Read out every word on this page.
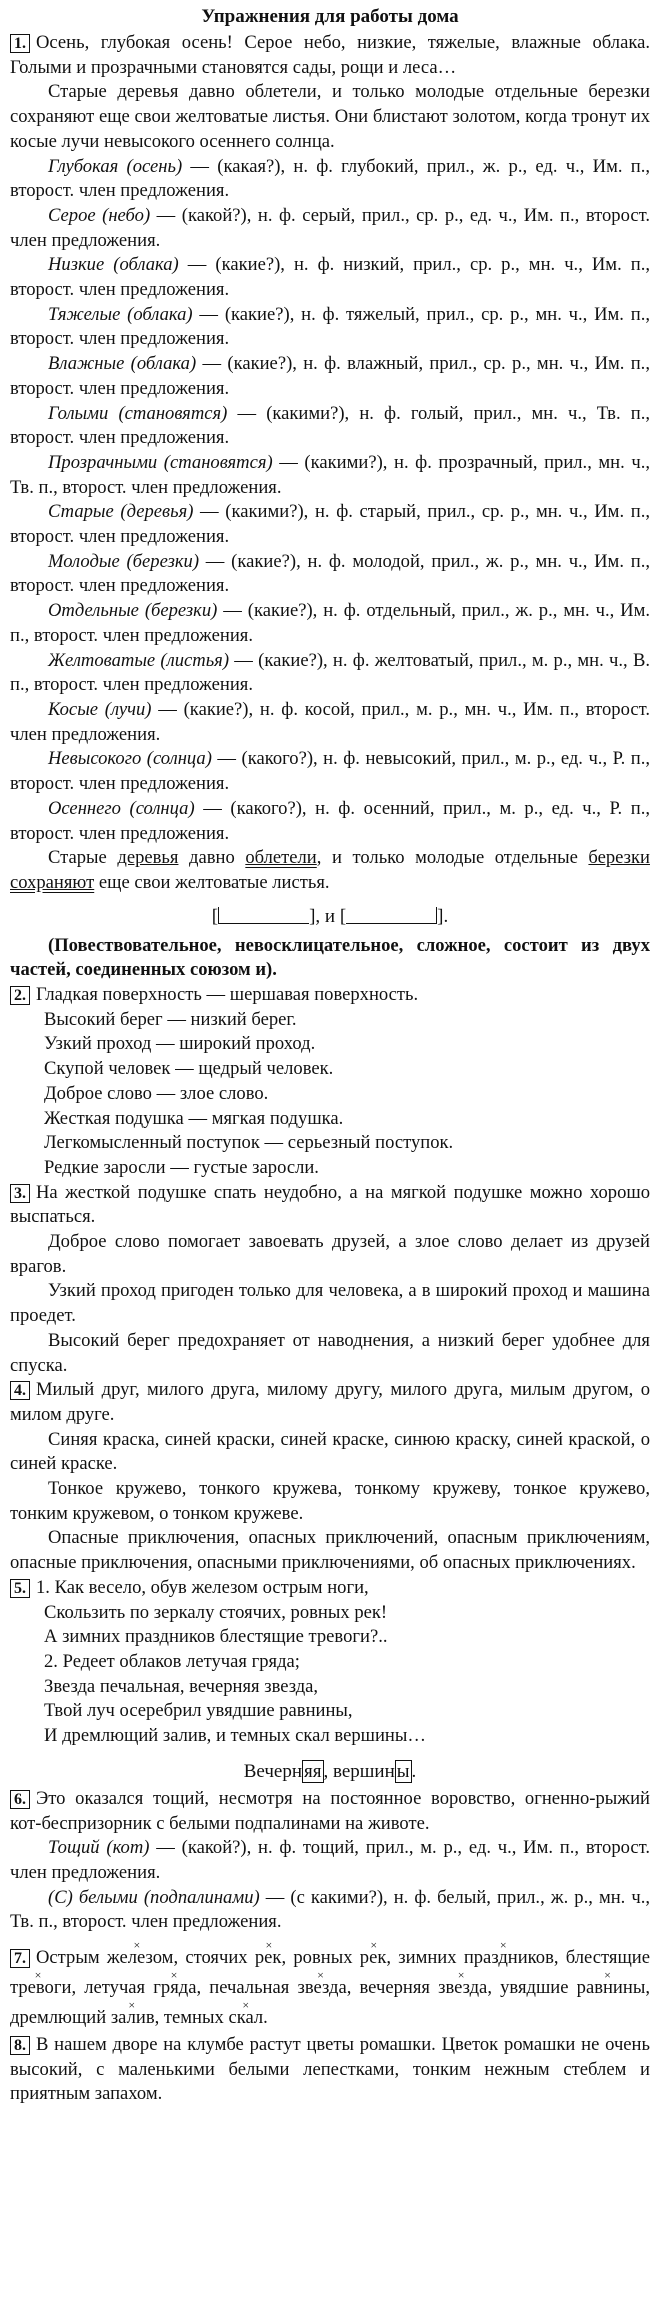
Упражнения для работы дома

1. Осень, глубокая осень! Серое небо, низкие, тяжелые, влажные облака. Голыми и прозрачными становятся сады, рощи и леса…

Старые деревья давно облетели, и только молодые отдельные березки сохраняют еще свои желтоватые листья. Они блистают золотом, когда тронут их косые лучи невысокого осеннего солнца.

Глубокая (осень) — (какая?), н. ф. глубокий, прил., ж. р., ед. ч., Им. п., второст. член предложения.

Серое (небо) — (какой?), н. ф. серый, прил., ср. р., ед. ч., Им. п., второст. член предложения.

Низкие (облака) — (какие?), н. ф. низкий, прил., ср. р., мн. ч., Им. п., второст. член предложения.

Тяжелые (облака) — (какие?), н. ф. тяжелый, прил., ср. р., мн. ч., Им. п., второст. член предложения.

Влажные (облака) — (какие?), н. ф. влажный, прил., ср. р., мн. ч., Им. п., второст. член предложения.

Голыми (становятся) — (какими?), н. ф. голый, прил., мн. ч., Тв. п., второст. член предложения.

Прозрачными (становятся) — (какими?), н. ф. прозрачный, прил., мн. ч., Тв. п., второст. член предложения.

Старые (деревья) — (какими?), н. ф. старый, прил., ср. р., мн. ч., Им. п., второст. член предложения.

Молодые (березки) — (какие?), н. ф. молодой, прил., ж. р., мн. ч., Им. п., второст. член предложения.

Отдельные (березки) — (какие?), н. ф. отдельный, прил., ж. р., мн. ч., Им. п., второст. член предложения.

Желтоватые (листья) — (какие?), н. ф. желтоватый, прил., м. р., мн. ч., В. п., второст. член предложения.

Косые (лучи) — (какие?), н. ф. косой, прил., м. р., мн. ч., Им. п., второст. член предложения.

Невысокого (солнца) — (какого?), н. ф. невысокий, прил., м. р., ед. ч., Р. п., второст. член предложения.

Осеннего (солнца) — (какого?), н. ф. осенний, прил., м. р., ед. ч., Р. п., второст. член предложения.

Старые деревья давно облетели, и только молодые отдельные березки сохраняют еще свои желтоватые листья.

[	], и [	].

(Повествовательное, невосклицательное, сложное, состоит из двух частей, соединенных союзом и).

2. Гладкая поверхность — шершавая поверхность.

Высокий берег — низкий берег.

Узкий проход — широкий проход.

Скупой человек — щедрый человек.

Доброе слово — злое слово.

Жесткая подушка — мягкая подушка.

Легкомысленный поступок — серьезный поступок.

Редкие заросли — густые заросли.

3. На жесткой подушке спать неудобно, а на мягкой подушке можно хорошо выспаться.

Доброе слово помогает завоевать друзей, а злое слово делает из друзей врагов.

Узкий проход пригоден только для человека, а в широкий проход и машина проедет.

Высокий берег предохраняет от наводнения, а низкий берег удобнее для спуска.

4. Милый друг, милого друга, милому другу, милого друга, милым другом, о милом друге.

Синяя краска, синей краски, синей краске, синюю краску, синей краской, о синей краске.

Тонкое кружево, тонкого кружева, тонкому кружеву, тонкое кружево, тонким кружевом, о тонком кружеве.

Опасные приключения, опасных приключений, опасным приключениям, опасные приключения, опасными приключениями, об опасных приключениях.

5. 1. Как весело, обув железом острым ноги,

Скользить по зеркалу стоячих, ровных рек!

А зимних праздников блестящие тревоги?..

2. Редеет облаков летучая гряда;

Звезда печальная, вечерняя звезда,

Твой луч осеребрил увядшие равнины,

И дремлющий залив, и темных скал вершины…

Вечерн яя , вершин ы .

6. Это оказался тощий, несмотря на постоянное воровство, огненно-рыжий кот-беспризорник с белыми подпалинами на животе.

Тощий (кот) — (какой?), н. ф. тощий, прил., м. р., ед. ч., Им. п., второст. член предложения.

(С) белыми (подпалинами) — (с какими?), н. ф. белый, прил., ж. р., мн. ч., Тв. п., второст. член предложения.

7. Острым × железом, стоячих × рек, ровных × рек, зимних × праздников, блестящие × тревоги, летучая × гряда, печальная × звезда, вечерняя × звезда, увядшие × равнины, дремлющий × залив, темных × скал.

8. В нашем дворе на клумбе растут цветы ромашки. Цветок ромашки не очень высокий, с маленькими белыми лепестками, тонким нежным стеблем и приятным запахом.
